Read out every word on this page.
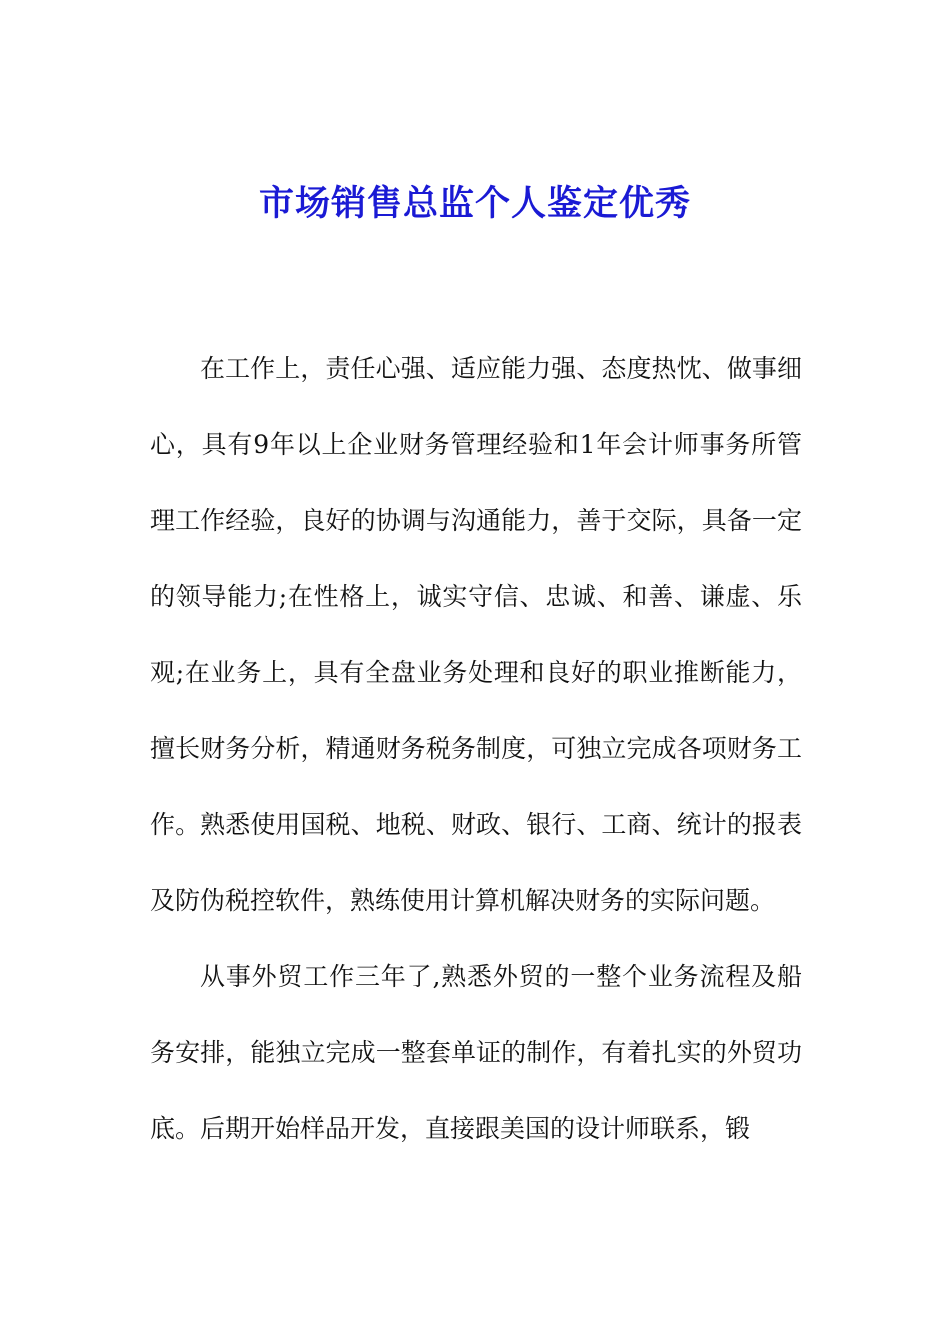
市场销售总监个人鉴定优秀

在工作上，责任心强、适应能力强、态度热忱、做事细心，具有9年以上企业财务管理经验和1年会计师事务所管理工作经验，良好的协调与沟通能力，善于交际，具备一定的领导能力;在性格上，诚实守信、忠诚、和善、谦虚、乐观;在业务上，具有全盘业务处理和良好的职业推断能力，擅长财务分析，精通财务税务制度，可独立完成各项财务工作。熟悉使用国税、地税、财政、银行、工商、统计的报表及防伪税控软件，熟练使用计算机解决财务的实际问题。

从事外贸工作三年了,熟悉外贸的一整个业务流程及船务安排，能独立完成一整套单证的制作，有着扎实的外贸功底。后期开始样品开发，直接跟美国的设计师联系，锻
